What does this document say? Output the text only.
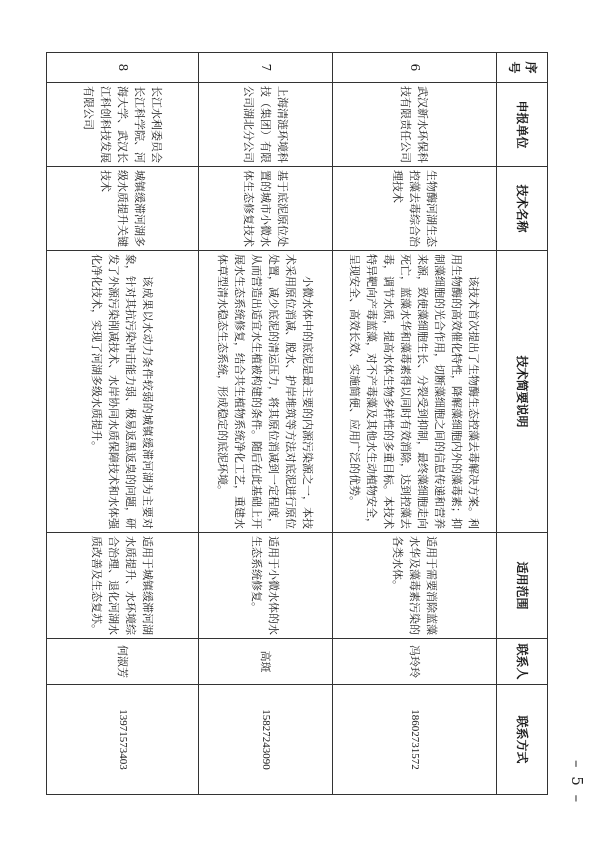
– 5 –
序号	申报单位	技术名称	技术简要说明	适用范围	联系人	联系方式
6	武汉新水环保科技有限责任公司	生物酶河湖生态控藻去毒综合治理技术	该技术首次提出了生物酶生态控藻去毒解决方案。利用生物酶的高效催化特性，降解藻细胞内外的藻毒素；抑制藻细胞的光合作用，切断藻细胞之间的信息传递和营养来源，致使藻细胞生长、分裂受到抑制，最终藻细胞走向死亡，蓝藻水华和藻毒素得以同时有效消除，达到控藻去毒，调节水质，提高水体生物多样性的多重目标。本技术特异靶向产毒蓝藻，对不产毒藻及其他水生动植物安全，呈现安全、高效长效、实施简便、应用广泛的优势。	适用于需要消除蓝藻水华及藻毒素污染的各类水体。	冯玲玲	18602731572
7	上海清涟环境科技（集团）有限公司湖北分公司	基于底泥原位处置的城市小微水体生态修复技术	小微水体中的底泥是最主要的内源污染源之一，本技术采用原位消减、脱水、护岸堆筑等方法对底泥进行原位处置，减少底泥的清运压力，将其原位消减到一定程度，从而营造出适宜水生植被构建的条件。随后在此基础上开展水生态系统修复，结合共生植物系统净化工艺，重建水体草型清水稳态生态系统，形成稳定的底泥环境。	适用于小微水体的水生态系统修复。	高斑	15827243090
8	长江水利委员会长江科学院、河海大学、武汉长江科创科技发展有限公司	城镇缓滞河湖多级水质提升关键技术	该成果以水动力条件较弱的城镇缓滞河湖为主要对象，针对其抗污染冲击能力弱、极易返黑返臭的问题，研发了外源污染削减技术、水岸协同水质保障技术和水体强化净化技术，实现了河湖多级水质提升。	适用于城镇缓滞河湖水质提升、水环境综合治理、退化河湖水质改善及生态复苏。	何淑芳	13971573403
